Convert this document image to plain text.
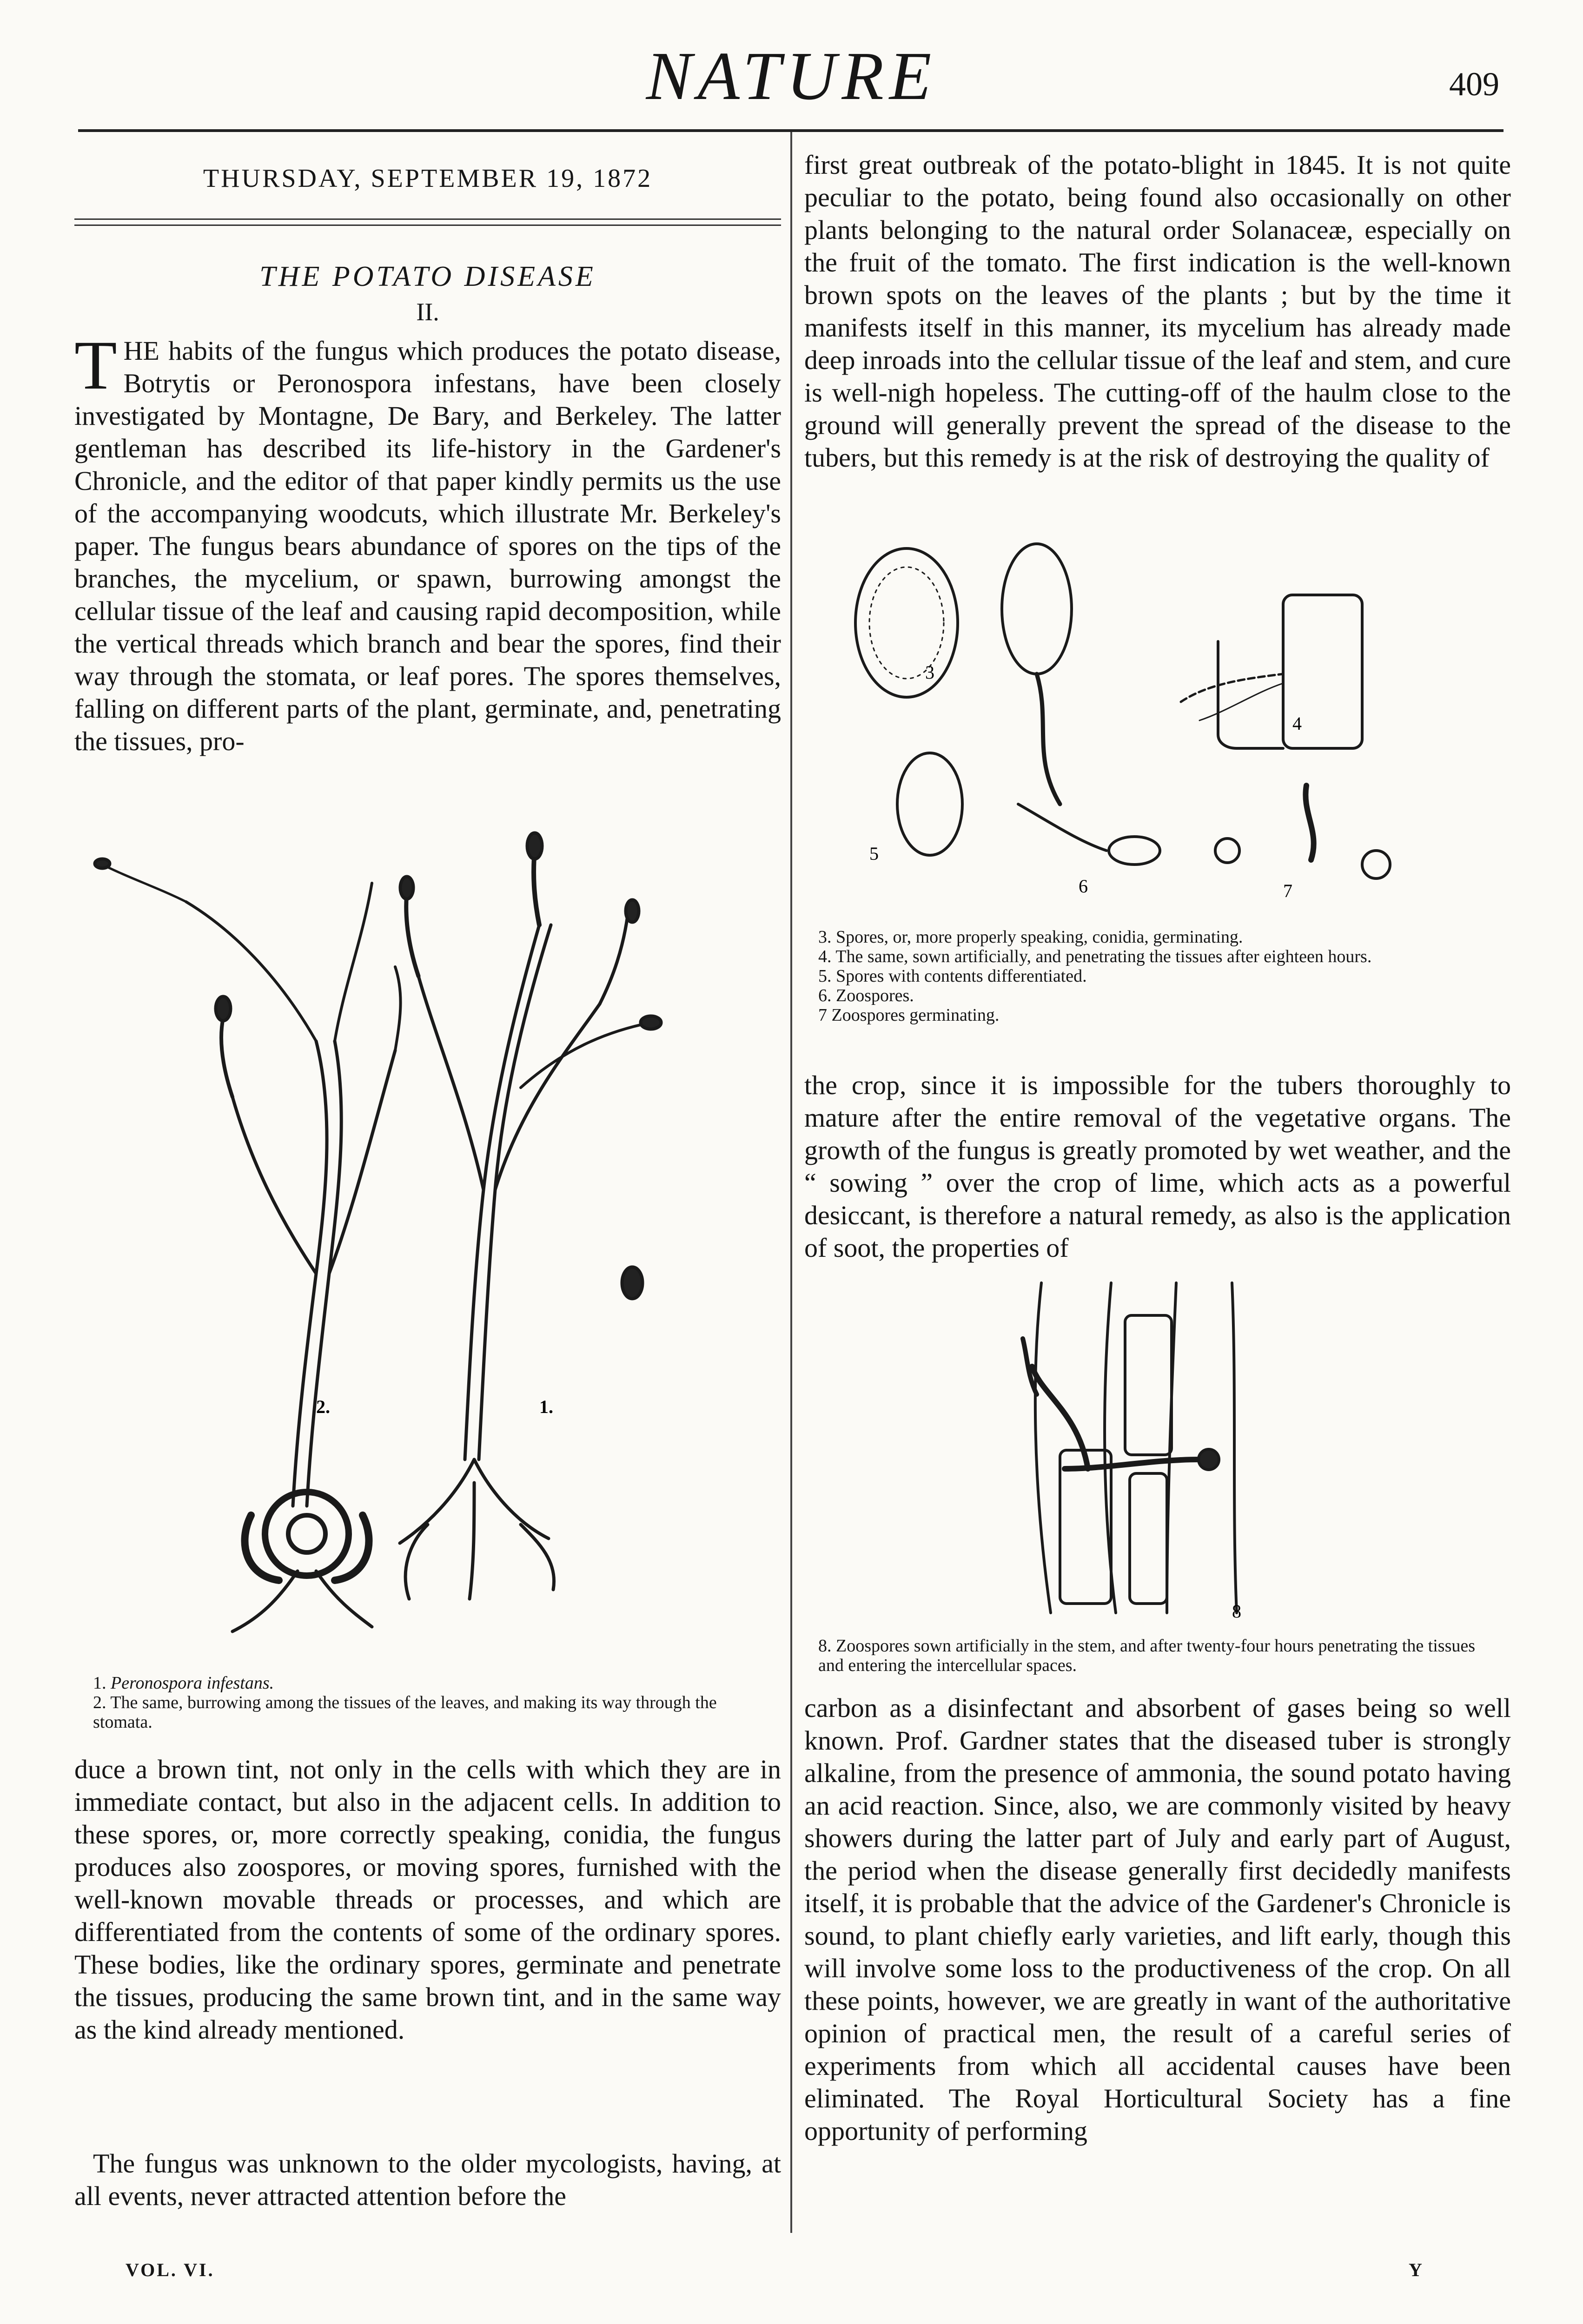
NATURE	409
THURSDAY, SEPTEMBER 19, 1872
THE POTATO DISEASE
II.
THE habits of the fungus which produces the potato disease, Botrytis or Peronospora infestans, have been closely investigated by Montagne, De Bary, and Berkeley. The latter gentleman has described its life-history in the Gardener's Chronicle, and the editor of that paper kindly permits us the use of the accompanying woodcuts, which illustrate Mr. Berkeley's paper. The fungus bears abundance of spores on the tips of the branches, the mycelium, or spawn, burrowing amongst the cellular tissue of the leaf and causing rapid decomposition, while the vertical threads which branch and bear the spores, find their way through the stomata, or leaf pores. The spores themselves, falling on different parts of the plant, germinate, and, penetrating the tissues, pro-
2.	1.
1. Peronospora infestans.
2. The same, burrowing among the tissues of the leaves, and making its way through the stomata.
duce a brown tint, not only in the cells with which they are in immediate contact, but also in the adjacent cells. In addition to these spores, or, more correctly speaking, conidia, the fungus produces also zoospores, or moving spores, furnished with the well-known movable threads or processes, and which are differentiated from the contents of some of the ordinary spores. These bodies, like the ordinary spores, germinate and penetrate the tissues, producing the same brown tint, and in the same way as the kind already mentioned.
The fungus was unknown to the older mycologists, having, at all events, never attracted attention before the
first great outbreak of the potato-blight in 1845. It is not quite peculiar to the potato, being found also occasionally on other plants belonging to the natural order Solanaceæ, especially on the fruit of the tomato. The first indication is the well-known brown spots on the leaves of the plants ; but by the time it manifests itself in this manner, its mycelium has already made deep inroads into the cellular tissue of the leaf and stem, and cure is well-nigh hopeless. The cutting-off of the haulm close to the ground will generally prevent the spread of the disease to the tubers, but this remedy is at the risk of destroying the quality of
3
4
5
6	7
3. Spores, or, more properly speaking, conidia, germinating.
4. The same, sown artificially, and penetrating the tissues after eighteen hours.
5. Spores with contents differentiated.
6. Zoospores.
7 Zoospores germinating.
the crop, since it is impossible for the tubers thoroughly to mature after the entire removal of the vegetative organs. The growth of the fungus is greatly promoted by wet weather, and the “ sowing ” over the crop of lime, which acts as a powerful desiccant, is therefore a natural remedy, as also is the application of soot, the properties of
8
8. Zoospores sown artificially in the stem, and after twenty-four hours penetrating the tissues and entering the intercellular spaces.
carbon as a disinfectant and absorbent of gases being so well known. Prof. Gardner states that the diseased tuber is strongly alkaline, from the presence of ammonia, the sound potato having an acid reaction. Since, also, we are commonly visited by heavy showers during the latter part of July and early part of August, the period when the disease generally first decidedly manifests itself, it is probable that the advice of the Gardener's Chronicle is sound, to plant chiefly early varieties, and lift early, though this will involve some loss to the productiveness of the crop. On all these points, however, we are greatly in want of the authoritative opinion of practical men, the result of a careful series of experiments from which all accidental causes have been eliminated. The Royal Horticultural Society has a fine opportunity of performing
VOL. VI.	Y
